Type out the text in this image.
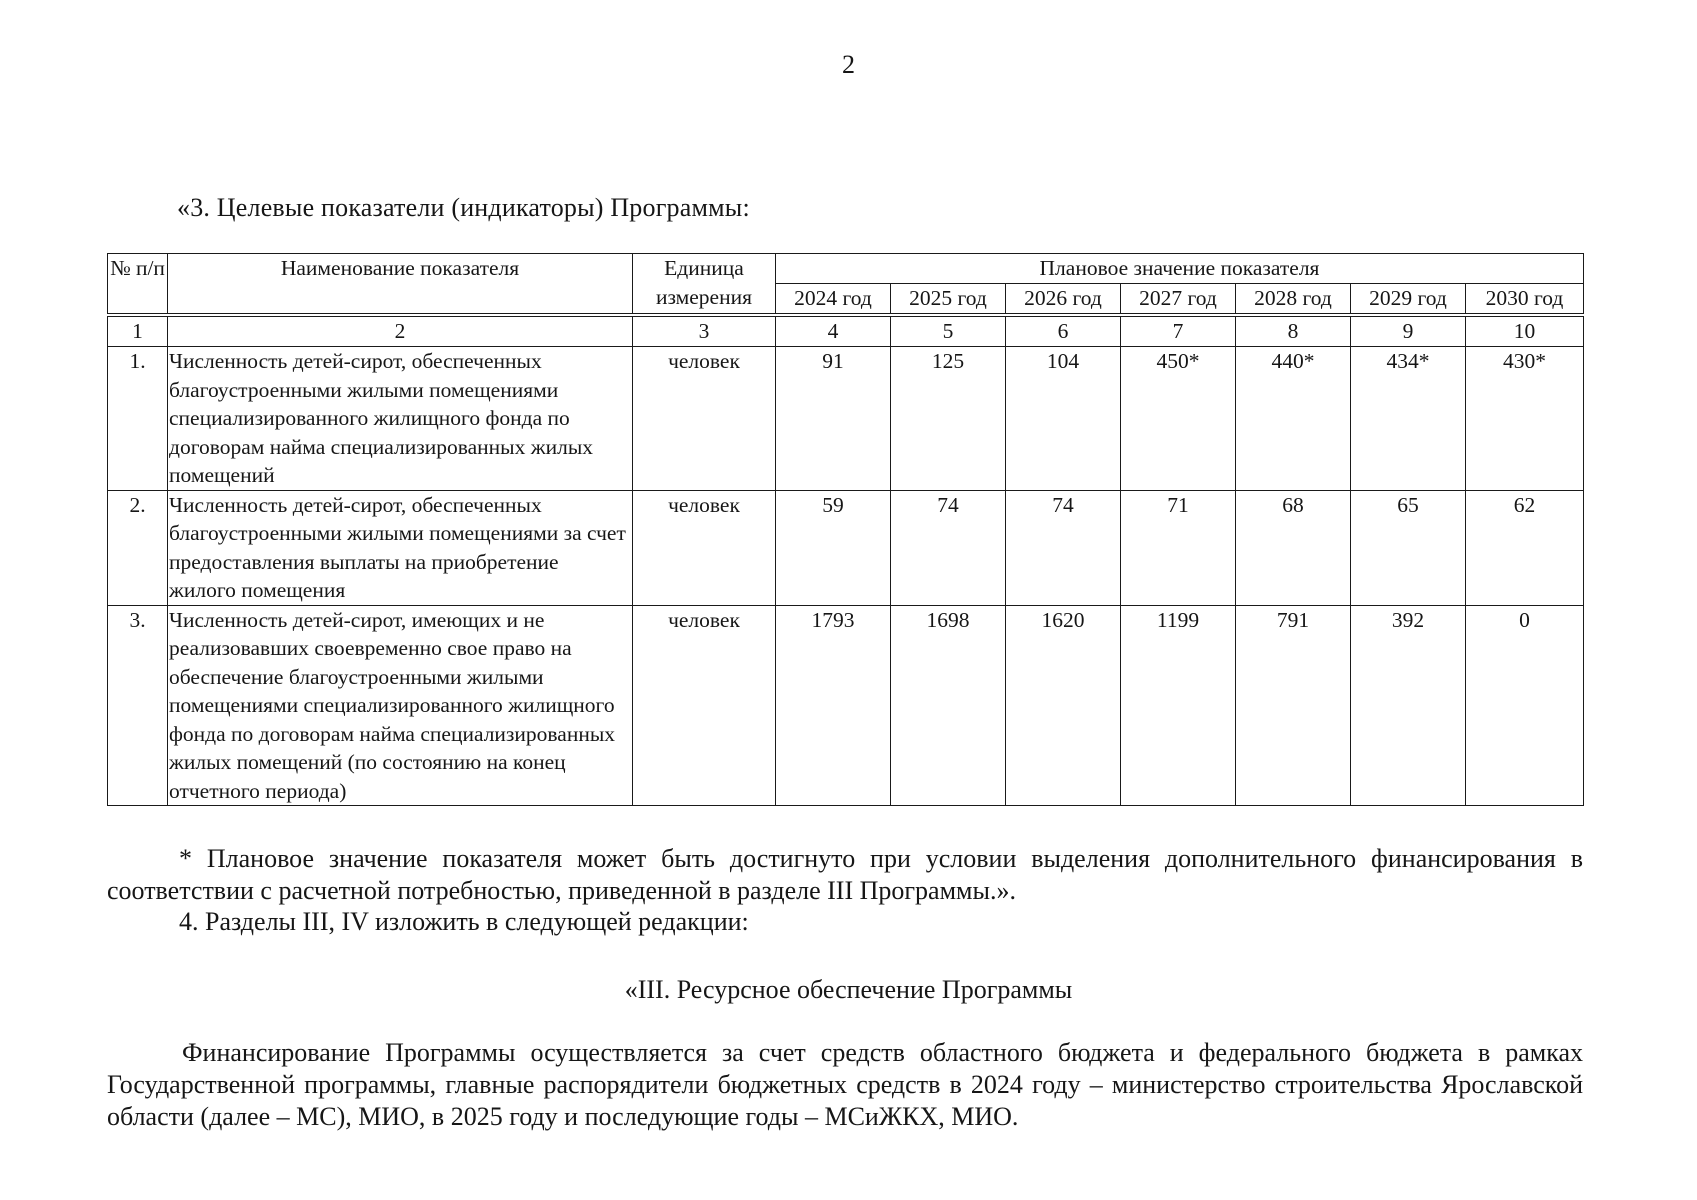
2
«3. Целевые показатели (индикаторы) Программы:
№ п/п	Наименование показателя	Единица измерения	Плановое значение показателя						
			2024 год	2025 год	2026 год	2027 год	2028 год	2029 год	2030 год
1	2	3	4	5	6	7	8	9	10
1.	Численность детей-сирот, обеспеченных благоустроенными жилыми помещениями специализированного жилищного фонда по договорам найма специализированных жилых помещений	человек	91	125	104	450*	440*	434*	430*
2.	Численность детей-сирот, обеспеченных благоустроенными жилыми помещениями за счет предоставления выплаты на приобретение жилого помещения	человек	59	74	74	71	68	65	62
3.	Численность детей-сирот, имеющих и не реализовавших своевременно свое право на обеспечение благоустроенными жилыми помещениями специализированного жилищного фонда по договорам найма специализированных жилых помещений (по состоянию на конец отчетного периода)	человек	1793	1698	1620	1199	791	392	0
* Плановое значение показателя может быть достигнуто при условии выделения дополнительного финансирования в соответствии с расчетной потребностью, приведенной в разделе III Программы.».
4. Разделы III, IV изложить в следующей редакции:
«III. Ресурсное обеспечение Программы
Финансирование Программы осуществляется за счет средств областного бюджета и федерального бюджета в рамках Государственной программы, главные распорядители бюджетных средств в 2024 году – министерство строительства Ярославской области (далее – МС), МИО, в 2025 году и последующие годы – МСиЖКХ, МИО.
